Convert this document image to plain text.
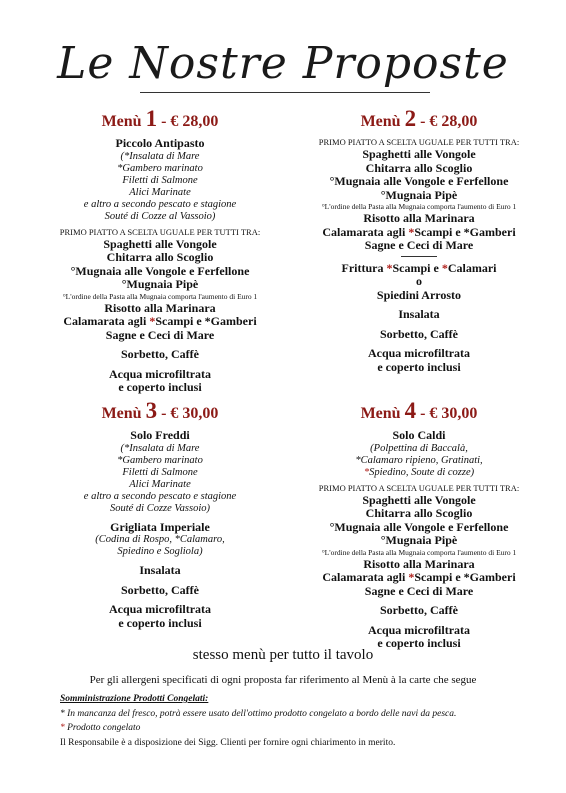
Le Nostre Proposte
Menù 1 - € 28,00
Piccolo Antipasto
(*Insalata di Mare
*Gambero marinato
Filetti di Salmone
Alici Marinate
e altro a secondo pescato e stagione
Souté di Cozze al Vassoio)
PRIMO PIATTO A SCELTA UGUALE PER TUTTI TRA:
Spaghetti alle Vongole
Chitarra allo Scoglio
°Mugnaia alle Vongole e Ferfellone
°Mugnaia Pipè
°L'ordine della Pasta alla Mugnaia comporta l'aumento di Euro 1
Risotto alla Marinara
Calamarata agli *Scampi e *Gamberi
Sagne e Ceci di Mare
Sorbetto, Caffè
Acqua microfiltrata
e coperto inclusi
Menù 2 - € 28,00
PRIMO PIATTO A SCELTA UGUALE PER TUTTI TRA:
Spaghetti alle Vongole
Chitarra allo Scoglio
°Mugnaia alle Vongole e Ferfellone
°Mugnaia Pipè
°L'ordine della Pasta alla Mugnaia comporta l'aumento di Euro 1
Risotto alla Marinara
Calamarata agli *Scampi e *Gamberi
Sagne e Ceci di Mare
Frittura *Scampi e *Calamari
o
Spiedini Arrosto
Insalata
Sorbetto, Caffè
Acqua microfiltrata
e coperto inclusi
Menù 3 - € 30,00
Solo Freddi
(*Insalata di Mare
*Gambero marinato
Filetti di Salmone
Alici Marinate
e altro a secondo pescato e stagione
Souté di Cozze Vassoio)
Grigliata Imperiale
(Codina di Rospo, *Calamaro,
Spiedino e Sogliola)
Insalata
Sorbetto, Caffè
Acqua microfiltrata
e coperto inclusi
Menù 4 - € 30,00
Solo Caldi
(Polpettina di Baccalà,
*Calamaro ripieno, Gratinati,
*Spiedino, Soute di cozze)
PRIMO PIATTO A SCELTA UGUALE PER TUTTI TRA:
Spaghetti alle Vongole
Chitarra allo Scoglio
°Mugnaia alle Vongole e Ferfellone
°Mugnaia Pipè
°L'ordine della Pasta alla Mugnaia comporta l'aumento di Euro 1
Risotto alla Marinara
Calamarata agli *Scampi e *Gamberi
Sagne e Ceci di Mare
Sorbetto, Caffè
Acqua microfiltrata
e coperto inclusi
stesso menù per tutto il tavolo
Per gli allergeni specificati di ogni proposta far riferimento al Menù à la carte che segue
Somministrazione Prodotti Congelati:
* In mancanza del fresco, potrà essere usato dell'ottimo prodotto congelato a bordo delle navi da pesca.
* Prodotto congelato
Il Responsabile è a disposizione dei Sigg. Clienti per fornire ogni chiarimento in merito.
